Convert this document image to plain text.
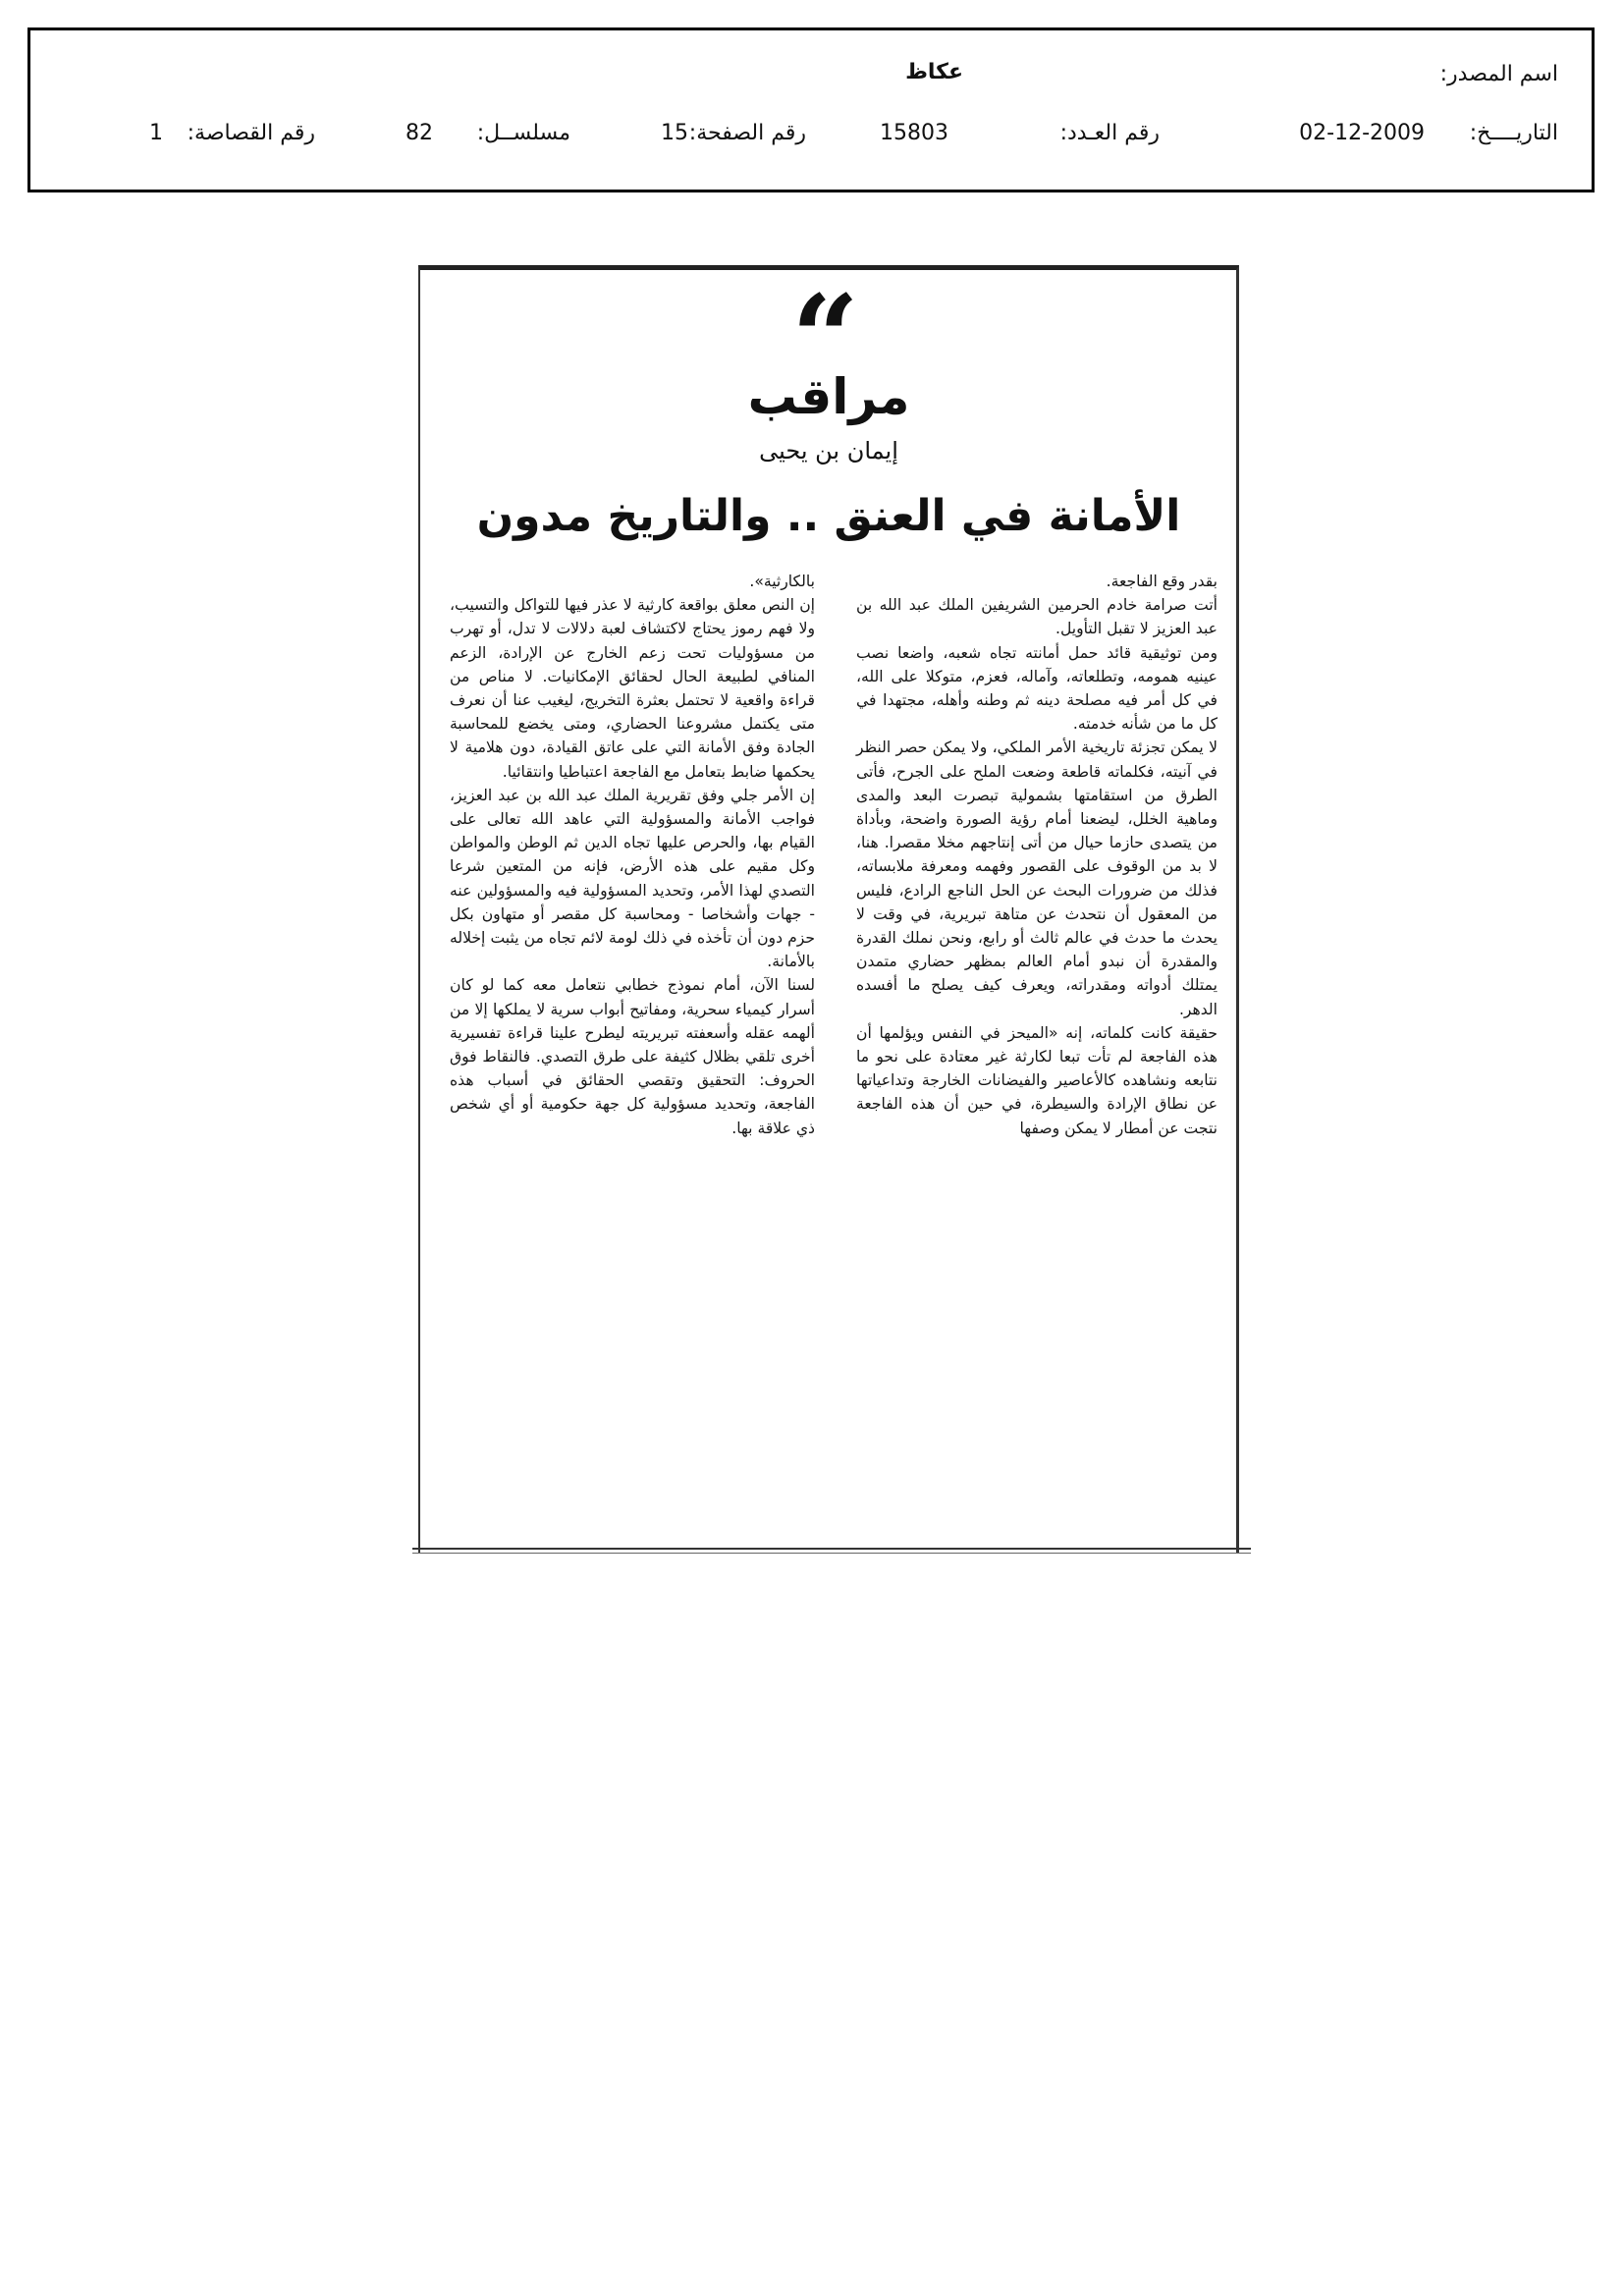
اسم المصدر:
عكاظ
التاريــــخ:
02-12-2009
رقم العـدد:
15803
رقم الصفحة:
15
مسلســل:
82
رقم القصاصة:
1
“
مراقب
إيمان بن يحيى
الأمانة في العنق .. والتاريخ مدون

بقدر وقع الفاجعة.

أتت صرامة خادم الحرمين الشريفين الملك عبد الله بن عبد العزيز لا تقبل التأويل.

ومن توثيقية قائد حمل أمانته تجاه شعبه، واضعا نصب عينيه همومه، وتطلعاته، وآماله، فعزم، متوكلا على الله، في كل أمر فيه مصلحة دينه ثم وطنه وأهله، مجتهدا في كل ما من شأنه خدمته.

لا يمكن تجزئة تاريخية الأمر الملكي، ولا يمكن حصر النظر في آنيته، فكلماته قاطعة وضعت الملح على الجرح، فأتى الطرق من استقامتها بشمولية تبصرت البعد والمدى وماهية الخلل، ليضعنا أمام رؤية الصورة واضحة، وبأداة من يتصدى حازما حيال من أتى إنتاجهم مخلا مقصرا. هنا، لا بد من الوقوف على القصور وفهمه ومعرفة ملابساته، فذلك من ضرورات البحث عن الحل الناجع الرادع، فليس من المعقول أن نتحدث عن متاهة تبريرية، في وقت لا يحدث ما حدث في عالم ثالث أو رابع، ونحن نملك القدرة والمقدرة أن نبدو أمام العالم بمظهر حضاري متمدن يمتلك أدواته ومقدراته، ويعرف كيف يصلح ما أفسده الدهر.

حقيقة كانت كلماته، إنه «الميحز في النفس ويؤلمها أن هذه الفاجعة لم تأت تبعا لكارثة غير معتادة على نحو ما نتابعه ونشاهده كالأعاصير والفيضانات الخارجة وتداعياتها عن نطاق الإرادة والسيطرة، في حين أن هذه الفاجعة نتجت عن أمطار لا يمكن وصفها

بالكارثية».

إن النص معلق بواقعة كارثية لا عذر فيها للتواكل والتسيب، ولا فهم رموز يحتاج لاكتشاف لعبة دلالات لا تدل، أو تهرب من مسؤوليات تحت زعم الخارج عن الإرادة، الزعم المنافي لطبيعة الحال لحقائق الإمكانيات. لا مناص من قراءة واقعية لا تحتمل بعثرة التخريج، ليغيب عنا أن نعرف متى يكتمل مشروعنا الحضاري، ومتى يخضع للمحاسبة الجادة وفق الأمانة التي على عاتق القيادة، دون هلامية لا يحكمها ضابط بتعامل مع الفاجعة اعتباطيا وانتقائيا.

إن الأمر جلي وفق تقريرية الملك عبد الله بن عبد العزيز، فواجب الأمانة والمسؤولية التي عاهد الله تعالى على القيام بها، والحرص عليها تجاه الدين ثم الوطن والمواطن وكل مقيم على هذه الأرض، فإنه من المتعين شرعا التصدي لهذا الأمر، وتحديد المسؤولية فيه والمسؤولين عنه - جهات وأشخاصا - ومحاسبة كل مقصر أو متهاون بكل حزم دون أن تأخذه في ذلك لومة لائم تجاه من يثبت إخلاله بالأمانة.

لسنا الآن، أمام نموذج خطابي نتعامل معه كما لو كان أسرار كيمياء سحرية، ومفاتيح أبواب سرية لا يملكها إلا من ألهمه عقله وأسعفته تبريريته ليطرح علينا قراءة تفسيرية أخرى تلقي بظلال كثيفة على طرق التصدي. فالنقاط فوق الحروف: التحقيق وتقصي الحقائق في أسباب هذه الفاجعة، وتحديد مسؤولية كل جهة حكومية أو أي شخص ذي علاقة بها.
